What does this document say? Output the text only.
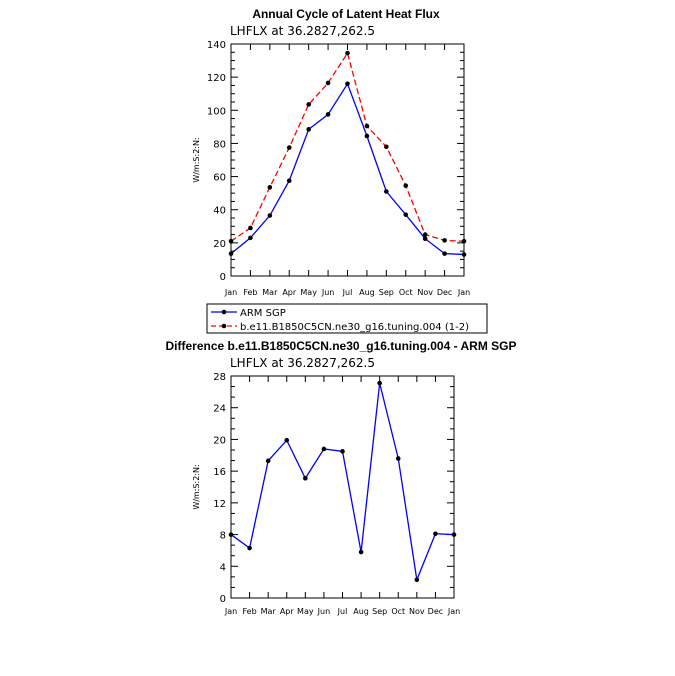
Annual Cycle of Latent Heat Flux
LHFLX at 36.2827,262.5
W/m:S:2:N:
0
20
40
60
80
100
120
140
Jan Feb Mar Apr May Jun Jul Aug Sep Oct Nov Dec Jan
ARM SGP
b.e11.B1850C5CN.ne30_g16.tuning.004 (1-2)
Difference b.e11.B1850C5CN.ne30_g16.tuning.004 - ARM SGP
LHFLX at 36.2827,262.5
W/m:S:2:N:
0
4
8
12
16
20
24
28
Jan Feb Mar Apr May Jun Jul Aug Sep Oct Nov Dec Jan
